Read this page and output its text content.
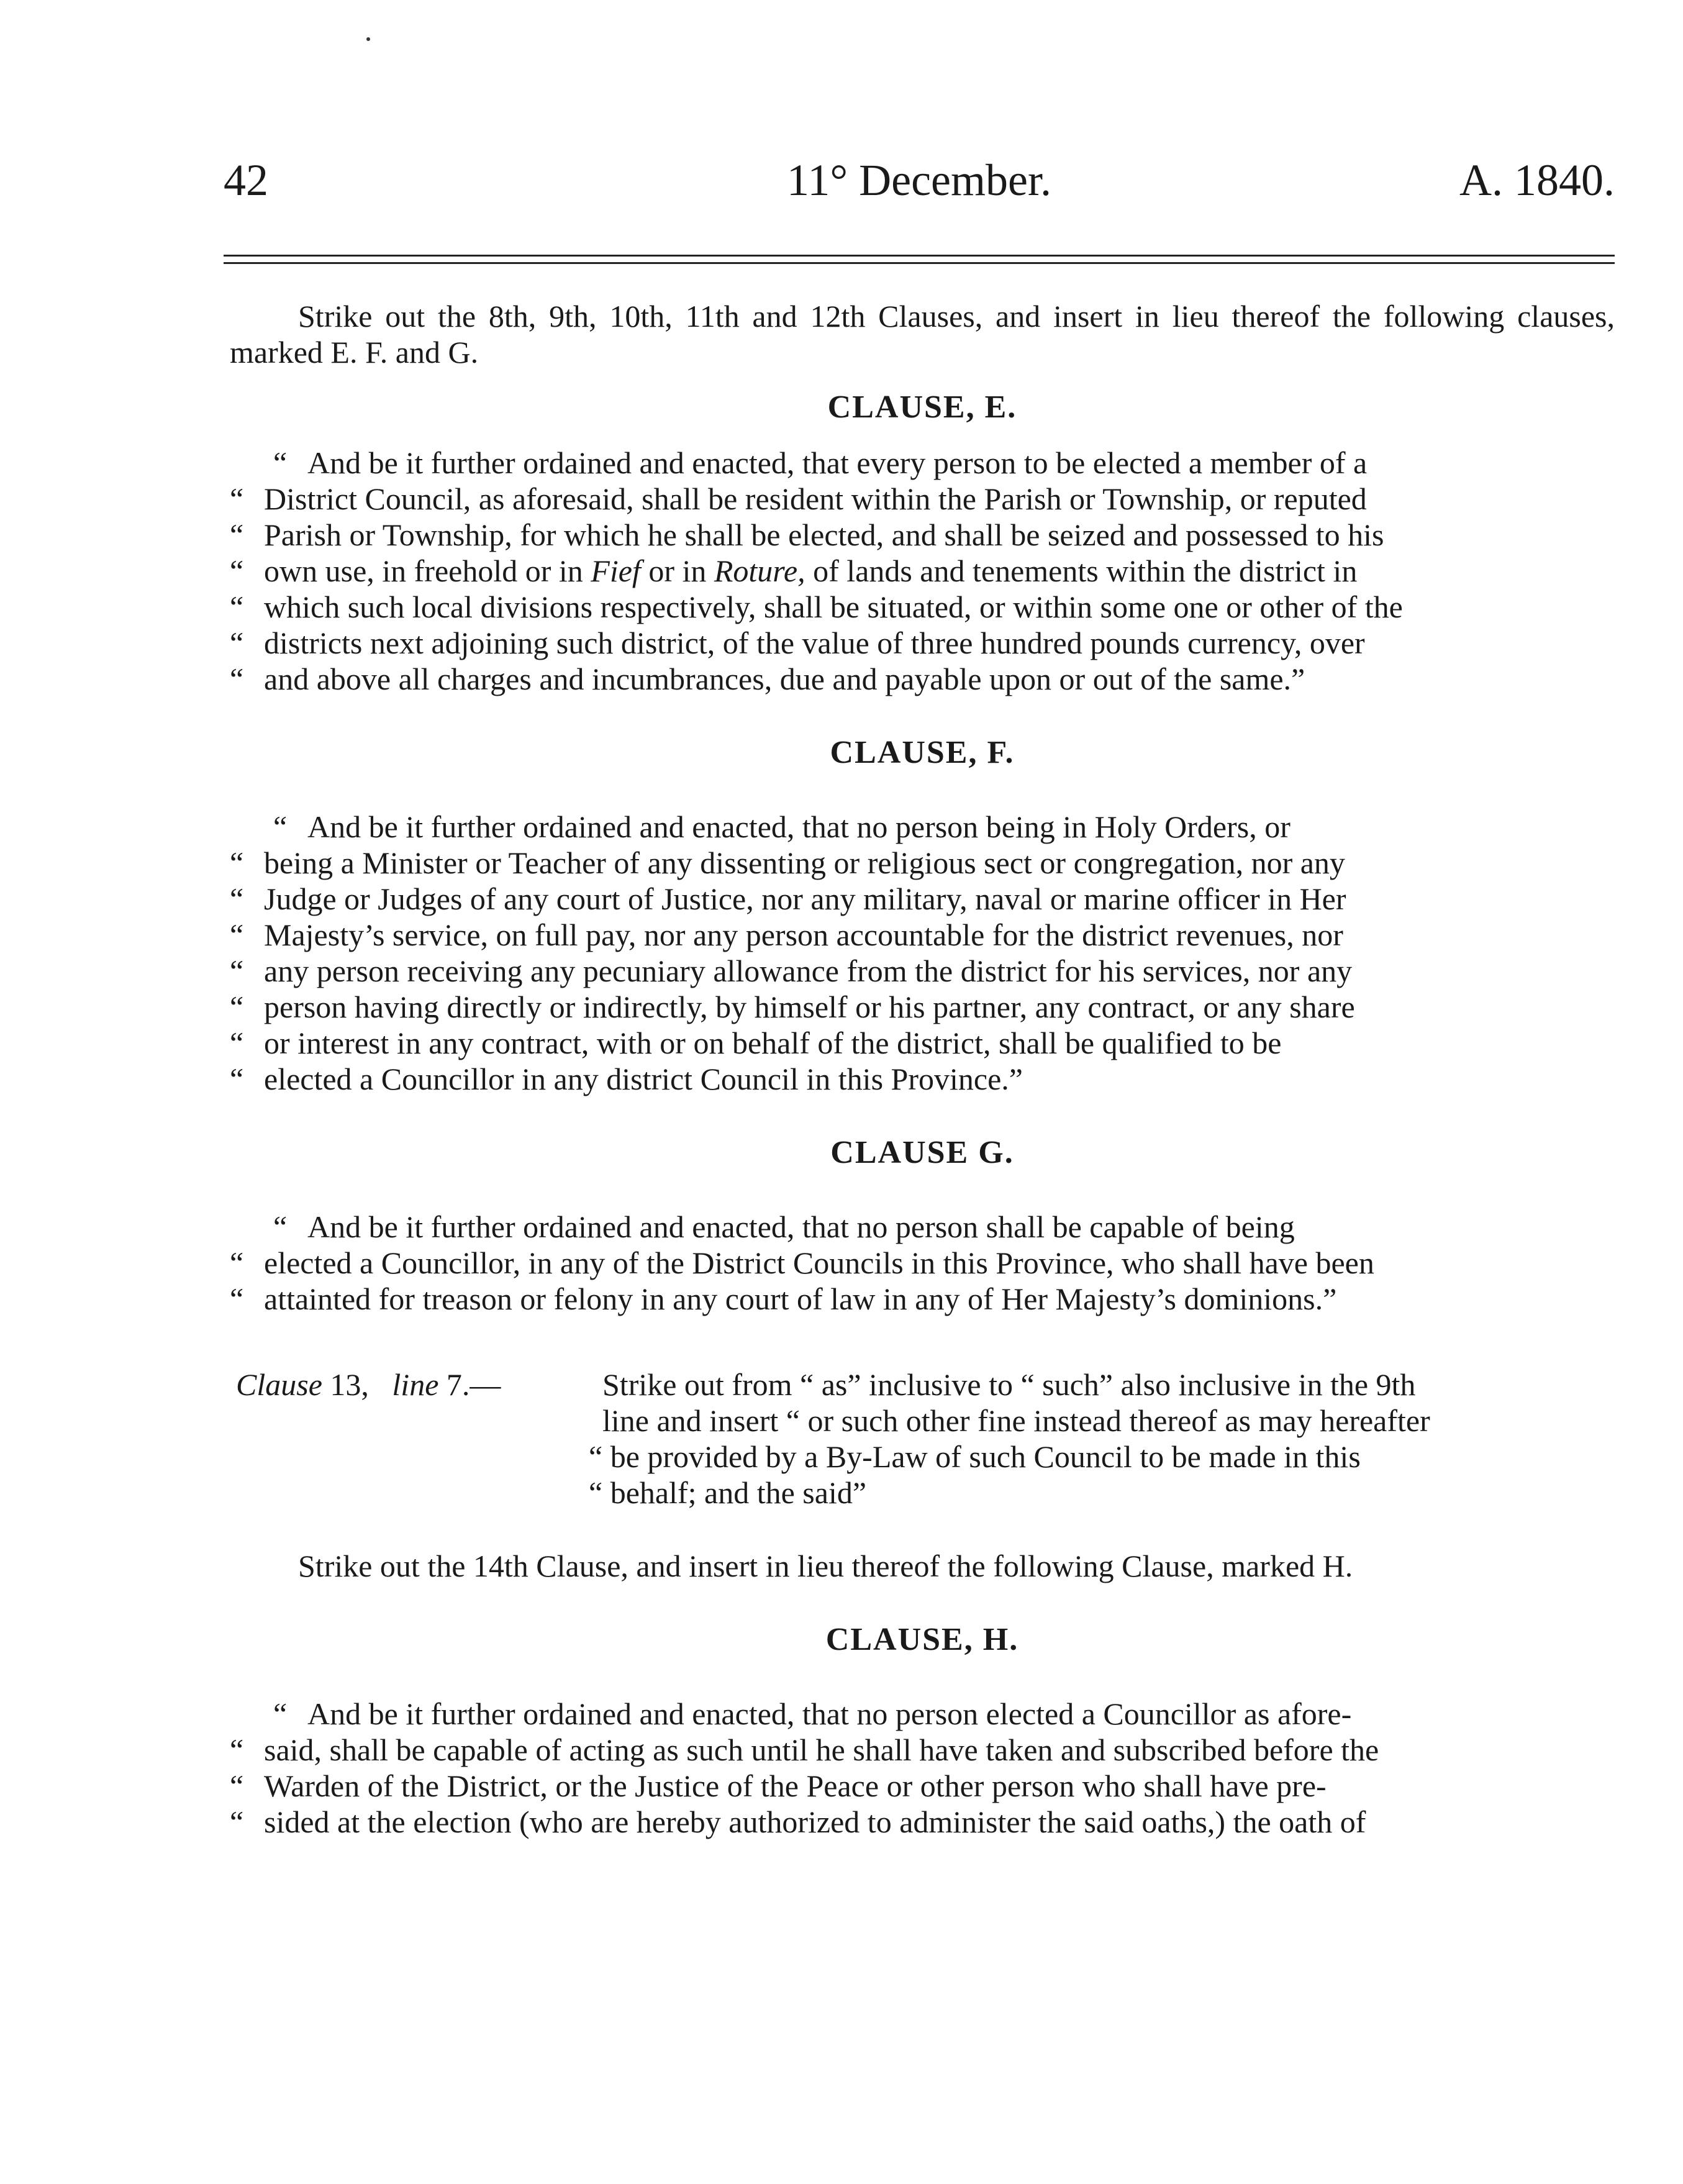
42	11° December.	A. 1840.

Strike out the 8th, 9th, 10th, 11th and 12th Clauses, and insert in lieu thereof the following clauses, marked E. F. and G.

CLAUSE, E.

“ And be it further ordained and enacted, that every person to be elected a member of a
“ District Council, as aforesaid, shall be resident within the Parish or Township, or reputed
“ Parish or Township, for which he shall be elected, and shall be seized and possessed to his
“ own use, in freehold or in Fief or in Roture, of lands and tenements within the district in
“ which such local divisions respectively, shall be situated, or within some one or other of the
“ districts next adjoining such district, of the value of three hundred pounds currency, over
“ and above all charges and incumbrances, due and payable upon or out of the same.”

CLAUSE, F.

“ And be it further ordained and enacted, that no person being in Holy Orders, or
“ being a Minister or Teacher of any dissenting or religious sect or congregation, nor any
“ Judge or Judges of any court of Justice, nor any military, naval or marine officer in Her
“ Majesty’s service, on full pay, nor any person accountable for the district revenues, nor
“ any person receiving any pecuniary allowance from the district for his services, nor any
“ person having directly or indirectly, by himself or his partner, any contract, or any share
“ or interest in any contract, with or on behalf of the district, shall be qualified to be
“ elected a Councillor in any district Council in this Province.”

CLAUSE G.

“ And be it further ordained and enacted, that no person shall be capable of being
“ elected a Councillor, in any of the District Councils in this Province, who shall have been
“ attainted for treason or felony in any court of law in any of Her Majesty’s dominions.”
Clause 13, line 7.—	Strike out from “ as” inclusive to “ such” also inclusive in the 9th
line and insert “ or such other fine instead thereof as may hereafter
“ be provided by a By-Law of such Council to be made in this
“ behalf; and the said”

Strike out the 14th Clause, and insert in lieu thereof the following Clause, marked H.

CLAUSE, H.

“ And be it further ordained and enacted, that no person elected a Councillor as afore-
“ said, shall be capable of acting as such until he shall have taken and subscribed before the
“ Warden of the District, or the Justice of the Peace or other person who shall have pre-
“ sided at the election (who are hereby authorized to administer the said oaths,) the oath of
